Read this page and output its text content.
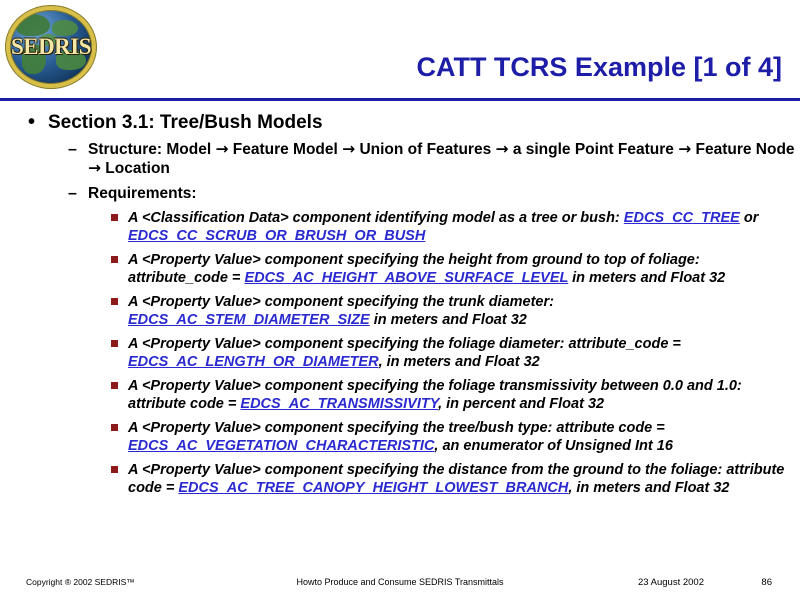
SEDRIS
CATT TCRS Example [1 of 4]
• Section 3.1: Tree/Bush Models
– Structure: Model → Feature Model → Union of Features → a single Point Feature → Feature Node → Location
– Requirements:
A <Classification Data> component identifying model as a tree or bush: EDCS_CC_TREE or EDCS_CC_SCRUB_OR_BRUSH_OR_BUSH
A <Property Value> component specifying the height from ground to top of foliage: attribute_code = EDCS_AC_HEIGHT_ABOVE_SURFACE_LEVEL in meters and Float 32
A <Property Value> component specifying the trunk diameter: EDCS_AC_STEM_DIAMETER_SIZE in meters and Float 32
A <Property Value> component specifying the foliage diameter: attribute_code = EDCS_AC_LENGTH_OR_DIAMETER, in meters and Float 32
A <Property Value> component specifying the foliage transmissivity between 0.0 and 1.0: attribute code = EDCS_AC_TRANSMISSIVITY, in percent and Float 32
A <Property Value> component specifying the tree/bush type: attribute code = EDCS_AC_VEGETATION_CHARACTERISTIC, an enumerator of Unsigned Int 16
A <Property Value> component specifying the distance from the ground to the foliage: attribute code = EDCS_AC_TREE_CANOPY_HEIGHT_LOWEST_BRANCH, in meters and Float 32
Copyright ® 2002 SEDRIS™	Howto Produce and Consume SEDRIS Transmittals	23 August 2002	86
